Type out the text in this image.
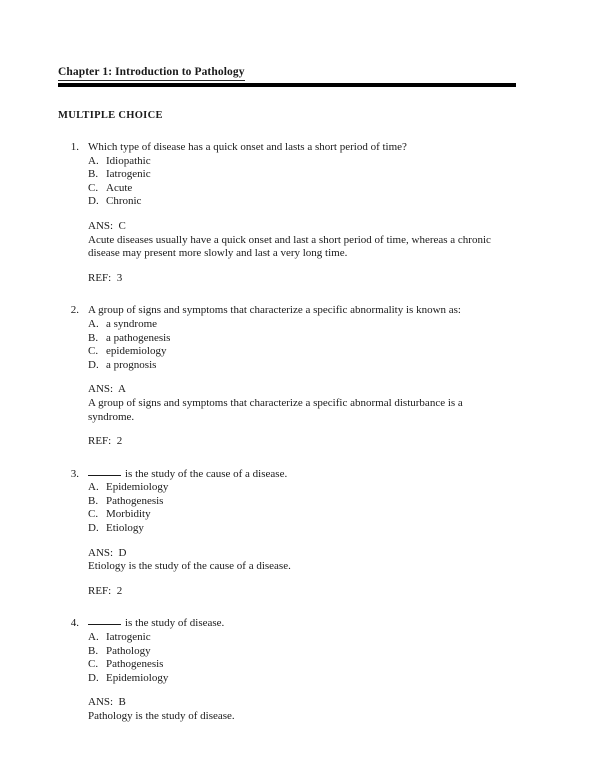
Chapter 1: Introduction to Pathology
MULTIPLE CHOICE
1. Which type of disease has a quick onset and lasts a short period of time?
A. Idiopathic
B. Iatrogenic
C. Acute
D. Chronic
ANS:  C
Acute diseases usually have a quick onset and last a short period of time, whereas a chronic disease may present more slowly and last a very long time.
REF:  3
2. A group of signs and symptoms that characterize a specific abnormality is known as:
A. a syndrome
B. a pathogenesis
C. epidemiology
D. a prognosis
ANS:  A
A group of signs and symptoms that characterize a specific abnormal disturbance is a syndrome.
REF:  2
3.	is the study of the cause of a disease.
A. Epidemiology
B. Pathogenesis
C. Morbidity
D. Etiology
ANS:  D
Etiology is the study of the cause of a disease.
REF:  2
4.	is the study of disease.
A. Iatrogenic
B. Pathology
C. Pathogenesis
D. Epidemiology
ANS:  B
Pathology is the study of disease.
